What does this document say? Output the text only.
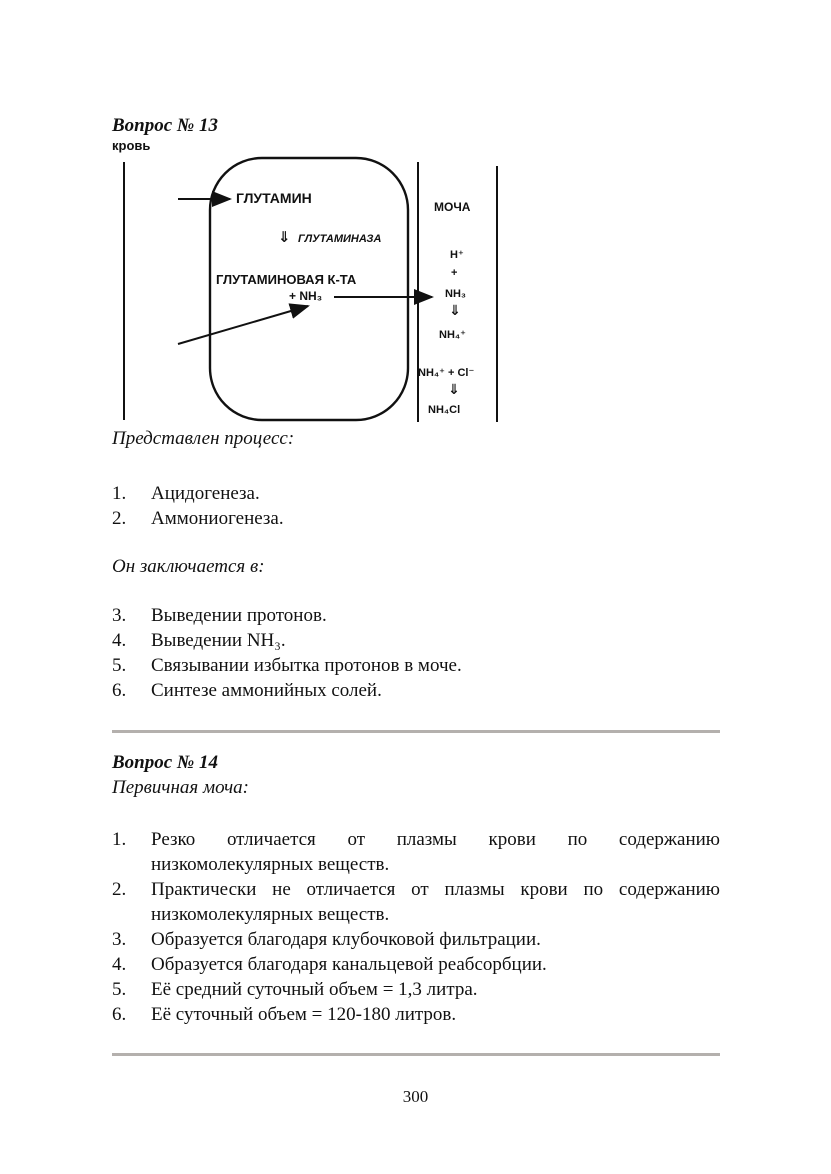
Вопрос № 13
кровь
ГЛУТАМИН
⇓ ГЛУТАМИНАЗА
ГЛУТАМИНОВАЯ К-ТА
+ NH₃
МОЧА
H⁺
+
NH₃
⇓
NH₄⁺
NH₄⁺ + Cl⁻
⇓
NH₄Cl
Представлен процесс:
1.	Ацидогенеза.
2.	Аммониогенеза.
Он заключается в:
3.	Выведении протонов.
4.	Выведении NH₃.
5.	Связывании избытка протонов в моче.
6.	Синтезе аммонийных солей.
Вопрос № 14
Первичная моча:
1.	Резко отличается от плазмы крови по содержанию низкомолекулярных веществ.
2.	Практически не отличается от плазмы крови по содержанию низкомолекулярных веществ.
3.	Образуется благодаря клубочковой фильтрации.
4.	Образуется благодаря канальцевой реабсорбции.
5.	Её средний суточный объем = 1,3 литра.
6.	Её суточный объем = 120-180 литров.
300
